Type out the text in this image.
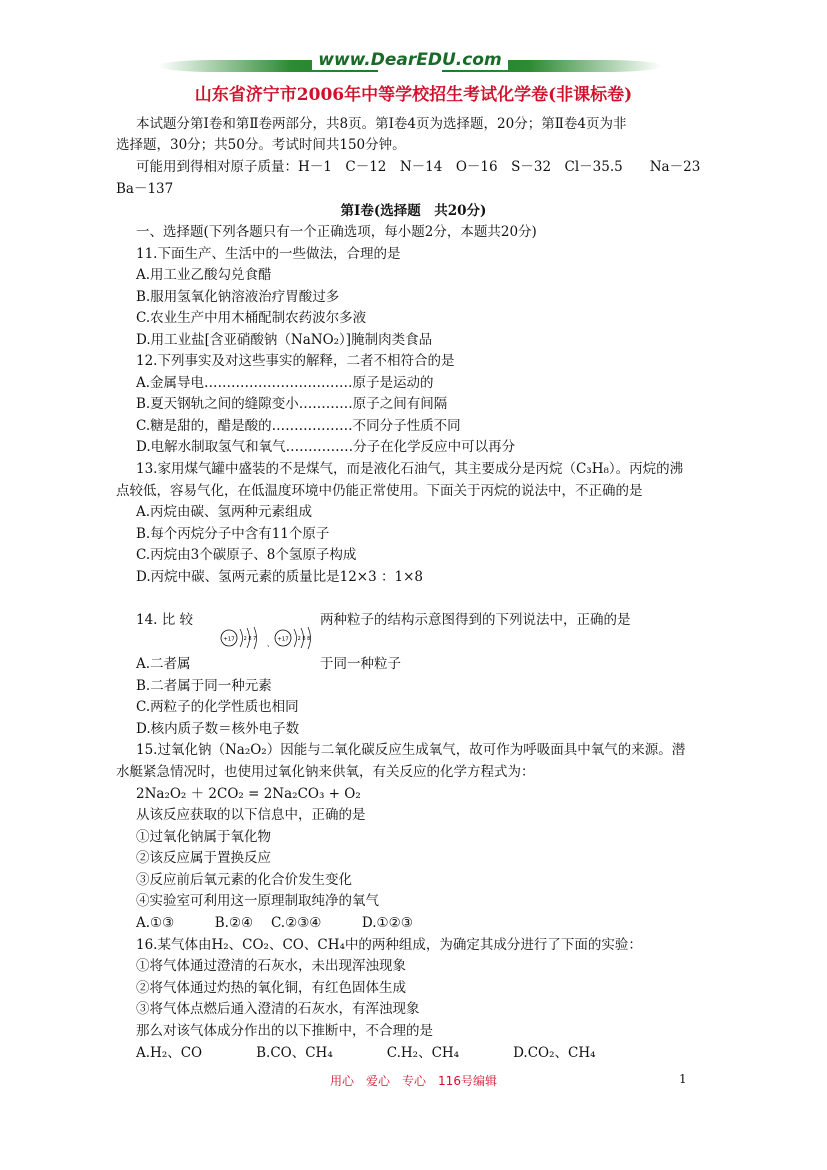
www.DearEDU.com
山东省济宁市2006年中等学校招生考试化学卷(非课标卷)
本试题分第Ⅰ卷和第Ⅱ卷两部分，共8页。第Ⅰ卷4页为选择题，20分；第Ⅱ卷4页为非
选择题，30分；共50分。考试时间共150分钟。
可能用到得相对原子质量：H－1　C－12　N－14　O－16　S－32　Cl－35.5　　Na－23
Ba－137
第Ⅰ卷(选择题　共20分)
一、选择题(下列各题只有一个正确选项，每小题2分，本题共20分)
11.下面生产、生活中的一些做法，合理的是
A.用工业乙酸勾兑食醋
B.服用氢氧化钠溶液治疗胃酸过多
C.农业生产中用木桶配制农药波尔多液
D.用工业盐[含亚硝酸钠（NaNO₂）]腌制肉类食品
12.下列事实及对这些事实的解释，二者不相符合的是
A.金属导电……………………………原子是运动的
B.夏天钢轨之间的缝隙变小…………原子之间有间隔
C.糖是甜的，醋是酸的………………不同分子性质不同
D.电解水制取氢气和氧气……………分子在化学反应中可以再分
13.家用煤气罐中盛装的不是煤气，而是液化石油气，其主要成分是丙烷（C₃H₈）。丙烷的沸
点较低，容易气化，在低温度环境中仍能正常使用。下面关于丙烷的说法中，不正确的是
A.丙烷由碳、氢两种元素组成
B.每个丙烷分子中含有11个原子
C.丙烷由3个碳原子、8个氢原子构成
D.丙烷中碳、氢两元素的质量比是12×3 ：1×8
14. 比 较	两种粒子的结构示意图得到的下列说法中，正确的是
+17 2 8 7
、
+17 2 8 8
A.二者属	于同一种粒子
B.二者属于同一种元素
C.两粒子的化学性质也相同
D.核内质子数＝核外电子数
15.过氧化钠（Na₂O₂）因能与二氧化碳反应生成氧气，故可作为呼吸面具中氧气的来源。潜
水艇紧急情况时，也使用过氧化钠来供氧，有关反应的化学方程式为：
2Na₂O₂ ＋ 2CO₂ = 2Na₂CO₃ + O₂
从该反应获取的以下信息中，正确的是
①过氧化钠属于氧化物
②该反应属于置换反应
③反应前后氧元素的化合价发生变化
④实验室可利用这一原理制取纯净的氧气
A.①③　　　B.②④　 C.②③④　　　D.①②③
16.某气体由H₂、CO₂、CO、CH₄中的两种组成，为确定其成分进行了下面的实验：
①将气体通过澄清的石灰水，未出现浑浊现象
②将气体通过灼热的氧化铜，有红色固体生成
③将气体点燃后通入澄清的石灰水，有浑浊现象
那么对该气体成分作出的以下推断中，不合理的是
A.H₂、CO　　　　B.CO、CH₄　　　　C.H₂、CH₄　　　　D.CO₂、CH₄
用心　爱心　专心　116号编辑	1
